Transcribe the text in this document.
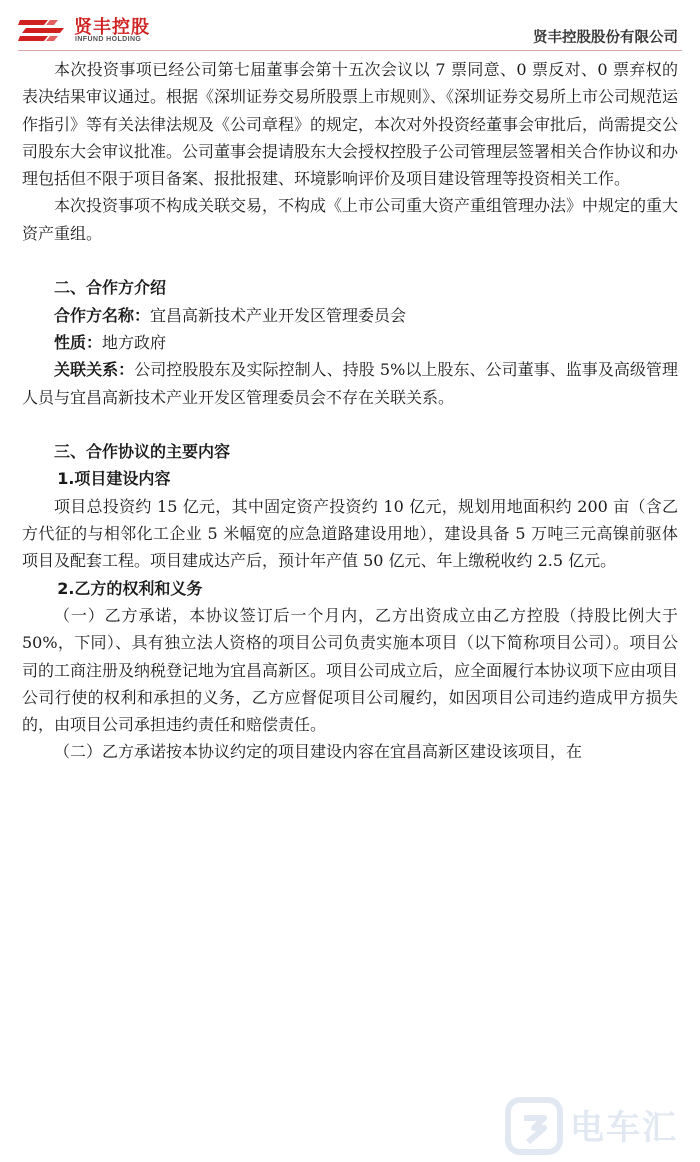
贤丰控股
INFUND HOLDING	贤丰控股股份有限公司

本次投资事项已经公司第七届董事会第十五次会议以 7 票同意、0 票反对、0 票弃权的表决结果审议通过。根据《深圳证券交易所股票上市规则》、《深圳证券交易所上市公司规范运作指引》等有关法律法规及《公司章程》的规定，本次对外投资经董事会审批后，尚需提交公司股东大会审议批准。公司董事会提请股东大会授权控股子公司管理层签署相关合作协议和办理包括但不限于项目备案、报批报建、环境影响评价及项目建设管理等投资相关工作。

本次投资事项不构成关联交易，不构成《上市公司重大资产重组管理办法》中规定的重大资产重组。

二、合作方介绍

合作方名称：宜昌高新技术产业开发区管理委员会

性质：地方政府

关联关系：公司控股股东及实际控制人、持股 5%以上股东、公司董事、监事及高级管理人员与宜昌高新技术产业开发区管理委员会不存在关联关系。

三、合作协议的主要内容

1.项目建设内容

项目总投资约 15 亿元，其中固定资产投资约 10 亿元，规划用地面积约 200 亩（含乙方代征的与相邻化工企业 5 米幅宽的应急道路建设用地），建设具备 5 万吨三元高镍前驱体项目及配套工程。项目建成达产后，预计年产值 50 亿元、年上缴税收约 2.5 亿元。

2.乙方的权利和义务

（一）乙方承诺，本协议签订后一个月内，乙方出资成立由乙方控股（持股比例大于 50%，下同）、具有独立法人资格的项目公司负责实施本项目（以下简称项目公司）。项目公司的工商注册及纳税登记地为宜昌高新区。项目公司成立后，应全面履行本协议项下应由项目公司行使的权利和承担的义务，乙方应督促项目公司履约，如因项目公司违约造成甲方损失的，由项目公司承担违约责任和赔偿责任。

（二）乙方承诺按本协议约定的项目建设内容在宜昌高新区建设该项目，在

电车汇
